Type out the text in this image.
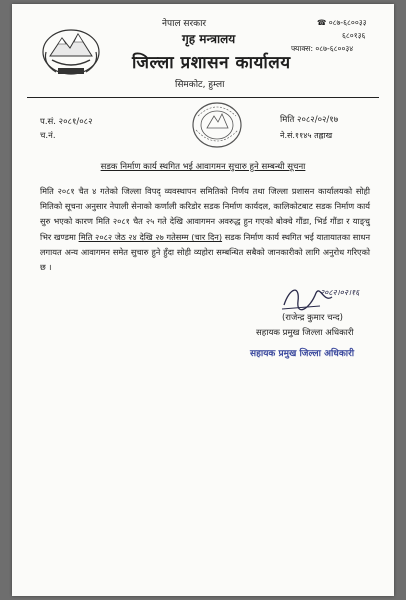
नेपाल सरकार
गृह मन्त्रालय
जिल्ला प्रशासन कार्यालय
सिमकोट, हुम्ला
☎ ०८७-६८००३३
६८०१३६
फ्याक्स: ०८७-६८००३४
प.सं. २०८१/०८२
च.नं.
मिति २०८२/०२/१७
ने.सं.११४५ तह्लाख
सडक निर्माण कार्य स्थगित भई आवागमन सुचारु हुने सम्बन्धी सूचना
मिति २०८१ चैत ४ गतेको जिल्ला विपद् व्यवस्थापन समितिको निर्णय तथा जिल्ला प्रशासन कार्यालयको सोही मितिको सूचना अनुसार नेपाली सेनाको कर्णाली करिडोर सडक निर्माण कार्यदल, कालिकोटबाट सडक निर्माण कार्य सुरु भएको कारण मिति २०८१ चैत २५ गते देखि आवागमन अवरुद्ध हुन गएको बोक्चे गौंडा, भिर्ड गौंडा र याङ्चु भिर खण्डमा मिति २०८२ जेठ २४ देखि २७ गतेसम्म (चार दिन) सडक निर्माण कार्य स्थगित भई यातायातका साधन लगायत अन्य आवागमन समेत सुचारु हुने हुँदा सोही व्यहोरा सम्बन्धित सबैको जानकारीको लागि अनुरोध गरिएको छ ।
२०८२।०२।१६
(राजेन्द्र कुमार चन्द)
सहायक प्रमुख जिल्ला अधिकारी
सहायक प्रमुख जिल्ला अधिकारी
